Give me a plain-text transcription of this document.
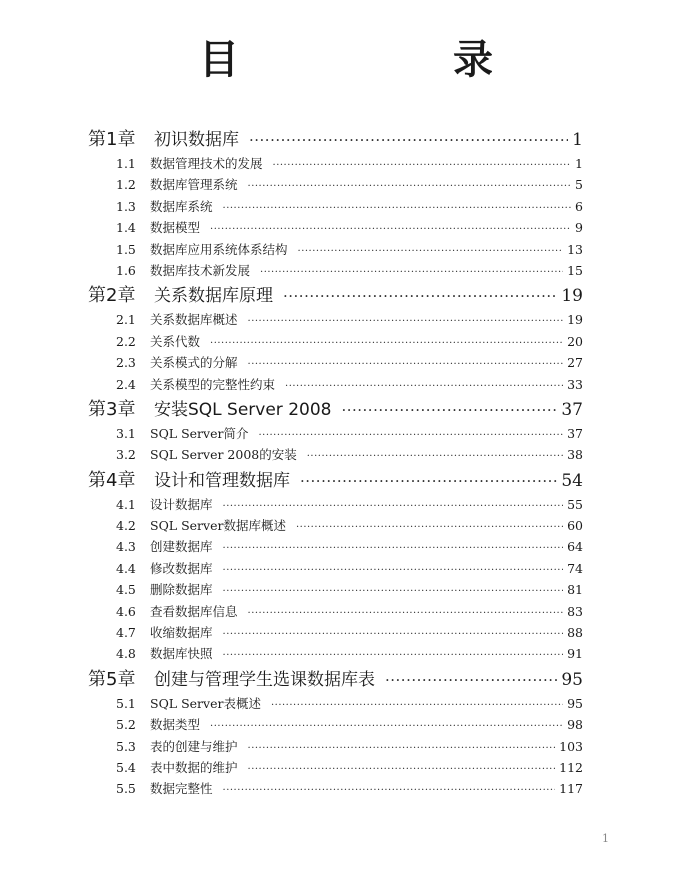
目 录
第1章	初识数据库 ·····	1
1.1	数据管理技术的发展 ·····	1
1.2	数据库管理系统 ·····	5
1.3	数据库系统 ·····	6
1.4	数据模型 ·····	9
1.5	数据库应用系统体系结构 ·····	13
1.6	数据库技术新发展 ·····	15
第2章	关系数据库原理 ·····	19
2.1	关系数据库概述 ·····	19
2.2	关系代数 ·····	20
2.3	关系模式的分解 ·····	27
2.4	关系模型的完整性约束 ·····	33
第3章	安装SQL Server 2008 ·····	37
3.1	SQL Server简介 ·····	37
3.2	SQL Server 2008的安装 ·····	38
第4章	设计和管理数据库 ·····	54
4.1	设计数据库 ·····	55
4.2	SQL Server数据库概述 ·····	60
4.3	创建数据库 ·····	64
4.4	修改数据库 ·····	74
4.5	删除数据库 ·····	81
4.6	查看数据库信息 ·····	83
4.7	收缩数据库 ·····	88
4.8	数据库快照 ·····	91
第5章	创建与管理学生选课数据库表 ·····	95
5.1	SQL Server表概述 ·····	95
5.2	数据类型 ·····	98
5.3	表的创建与维护 ·····	103
5.4	表中数据的维护 ·····	112
5.5	数据完整性 ·····	117
1
